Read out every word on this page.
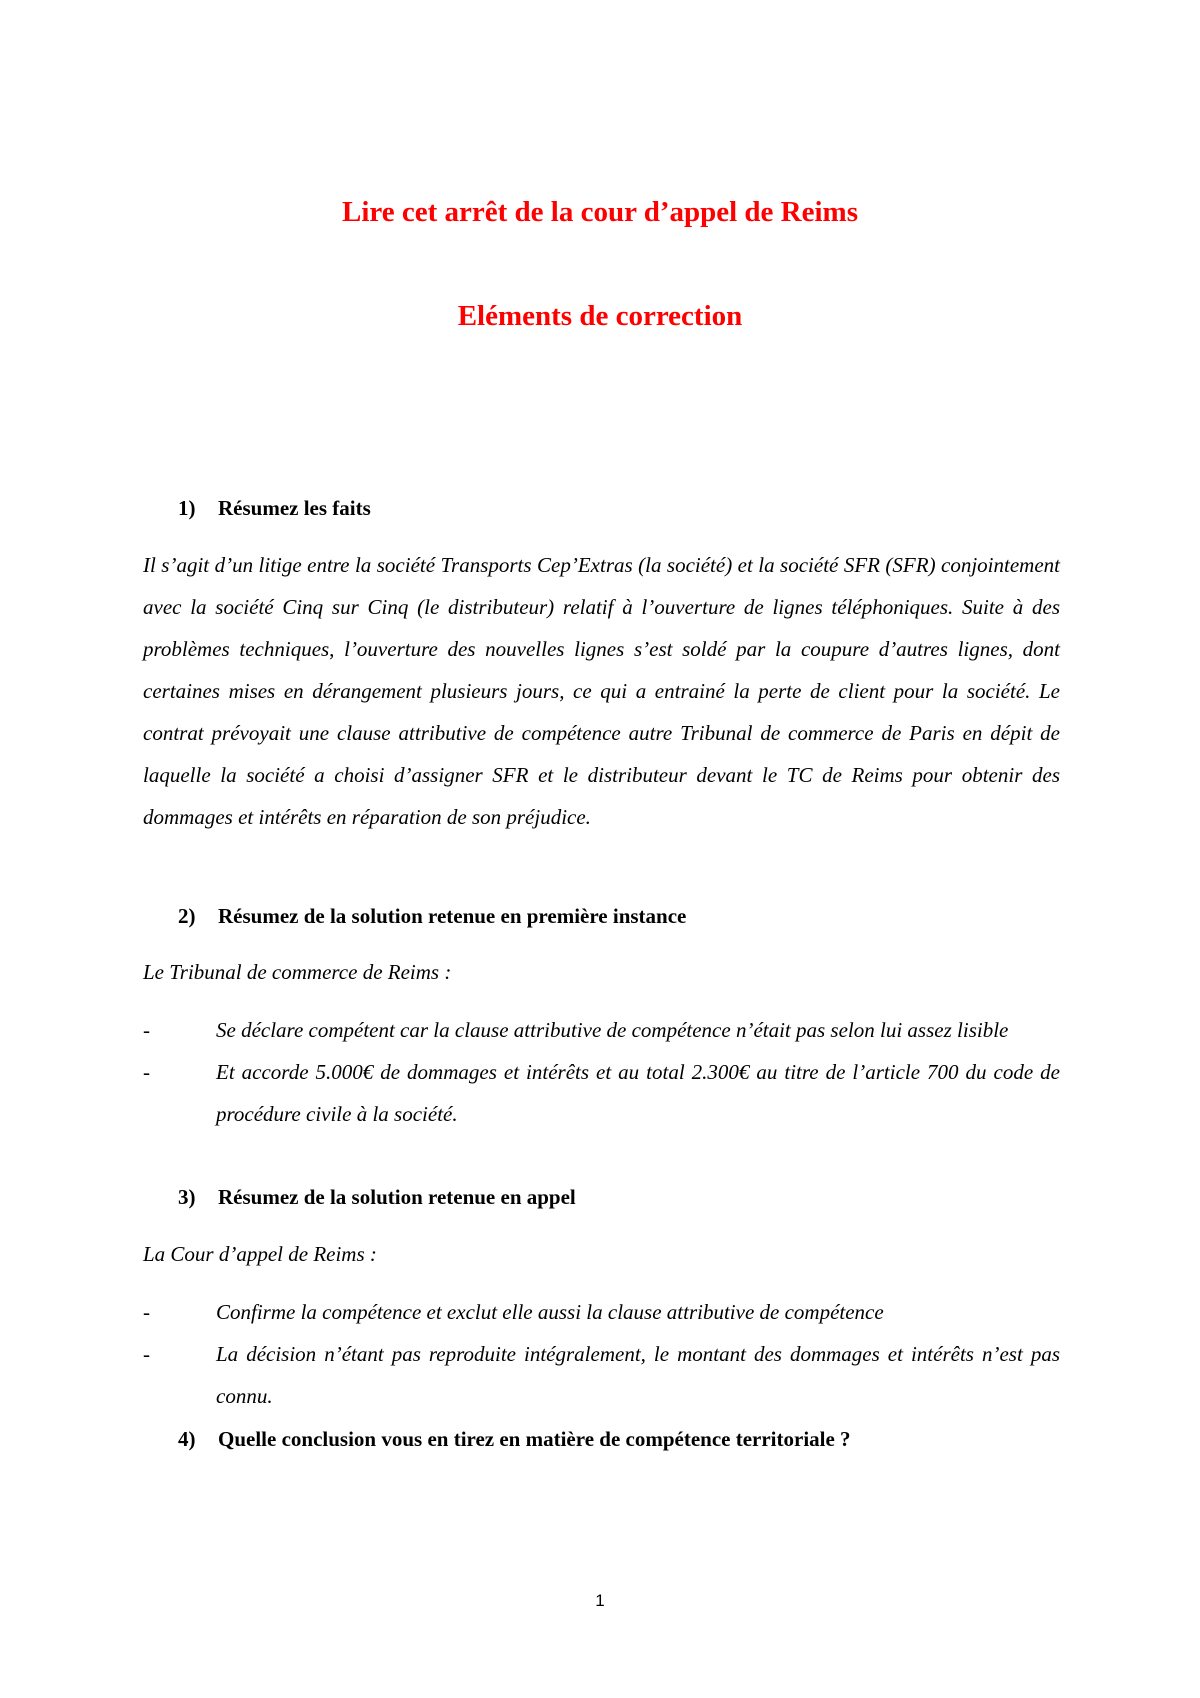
Lire cet arrêt de la cour d’appel de Reims
Eléments de correction
1) Résumez les faits

Il s’agit d’un litige entre la société Transports Cep’Extras (la société) et la société SFR (SFR) conjointement avec la société Cinq sur Cinq (le distributeur) relatif à l’ouverture de lignes téléphoniques. Suite à des problèmes techniques, l’ouverture des nouvelles lignes s’est soldé par la coupure d’autres lignes, dont certaines mises en dérangement plusieurs jours, ce qui a entrainé la perte de client pour la société. Le contrat prévoyait une clause attributive de compétence autre Tribunal de commerce de Paris en dépit de laquelle la société a choisi d’assigner SFR et le distributeur devant le TC de Reims pour obtenir des dommages et intérêts en réparation de son préjudice.

2) Résumez de la solution retenue en première instance

Le Tribunal de commerce de Reims :

-	Se déclare compétent car la clause attributive de compétence n’était pas selon lui assez lisible
-	Et accorde 5.000€ de dommages et intérêts et au total 2.300€ au titre de l’article 700 du code de procédure civile à la société.
3) Résumez de la solution retenue en appel

La Cour d’appel de Reims :

-	Confirme la compétence et exclut elle aussi la clause attributive de compétence
-	La décision n’étant pas reproduite intégralement, le montant des dommages et intérêts n’est pas connu.
4) Quelle conclusion vous en tirez en matière de compétence territoriale ?

1
